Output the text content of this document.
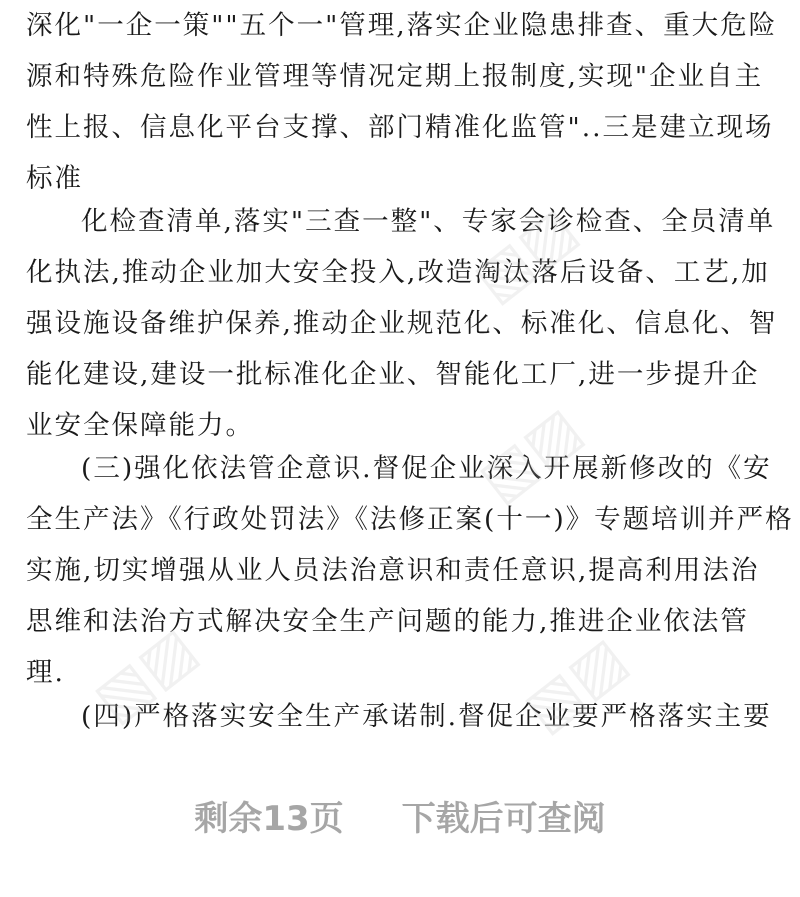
深化"一企一策""五个一"管理,落实企业隐患排查、重大危险
源和特殊危险作业管理等情况定期上报制度,实现"企业自主
性上报、信息化平台支撑、部门精准化监管"..三是建立现场
标准
化检查清单,落实"三查一整"、专家会诊检查、全员清单
化执法,推动企业加大安全投入,改造淘汰落后设备、工艺,加
强设施设备维护保养,推动企业规范化、标准化、信息化、智
能化建设,建设一批标准化企业、智能化工厂,进一步提升企
业安全保障能力。
(三)强化依法管企意识.督促企业深入开展新修改的《安
全生产法》《行政处罚法》《法修正案(十一)》专题培训并严格
实施,切实增强从业人员法治意识和责任意识,提高利用法治
思维和法治方式解决安全生产问题的能力,推进企业依法管
理.
(四)严格落实安全生产承诺制.督促企业要严格落实主要
剩余13页 下载后可查阅
▧▨
▧▨
▧▨	▧▨
